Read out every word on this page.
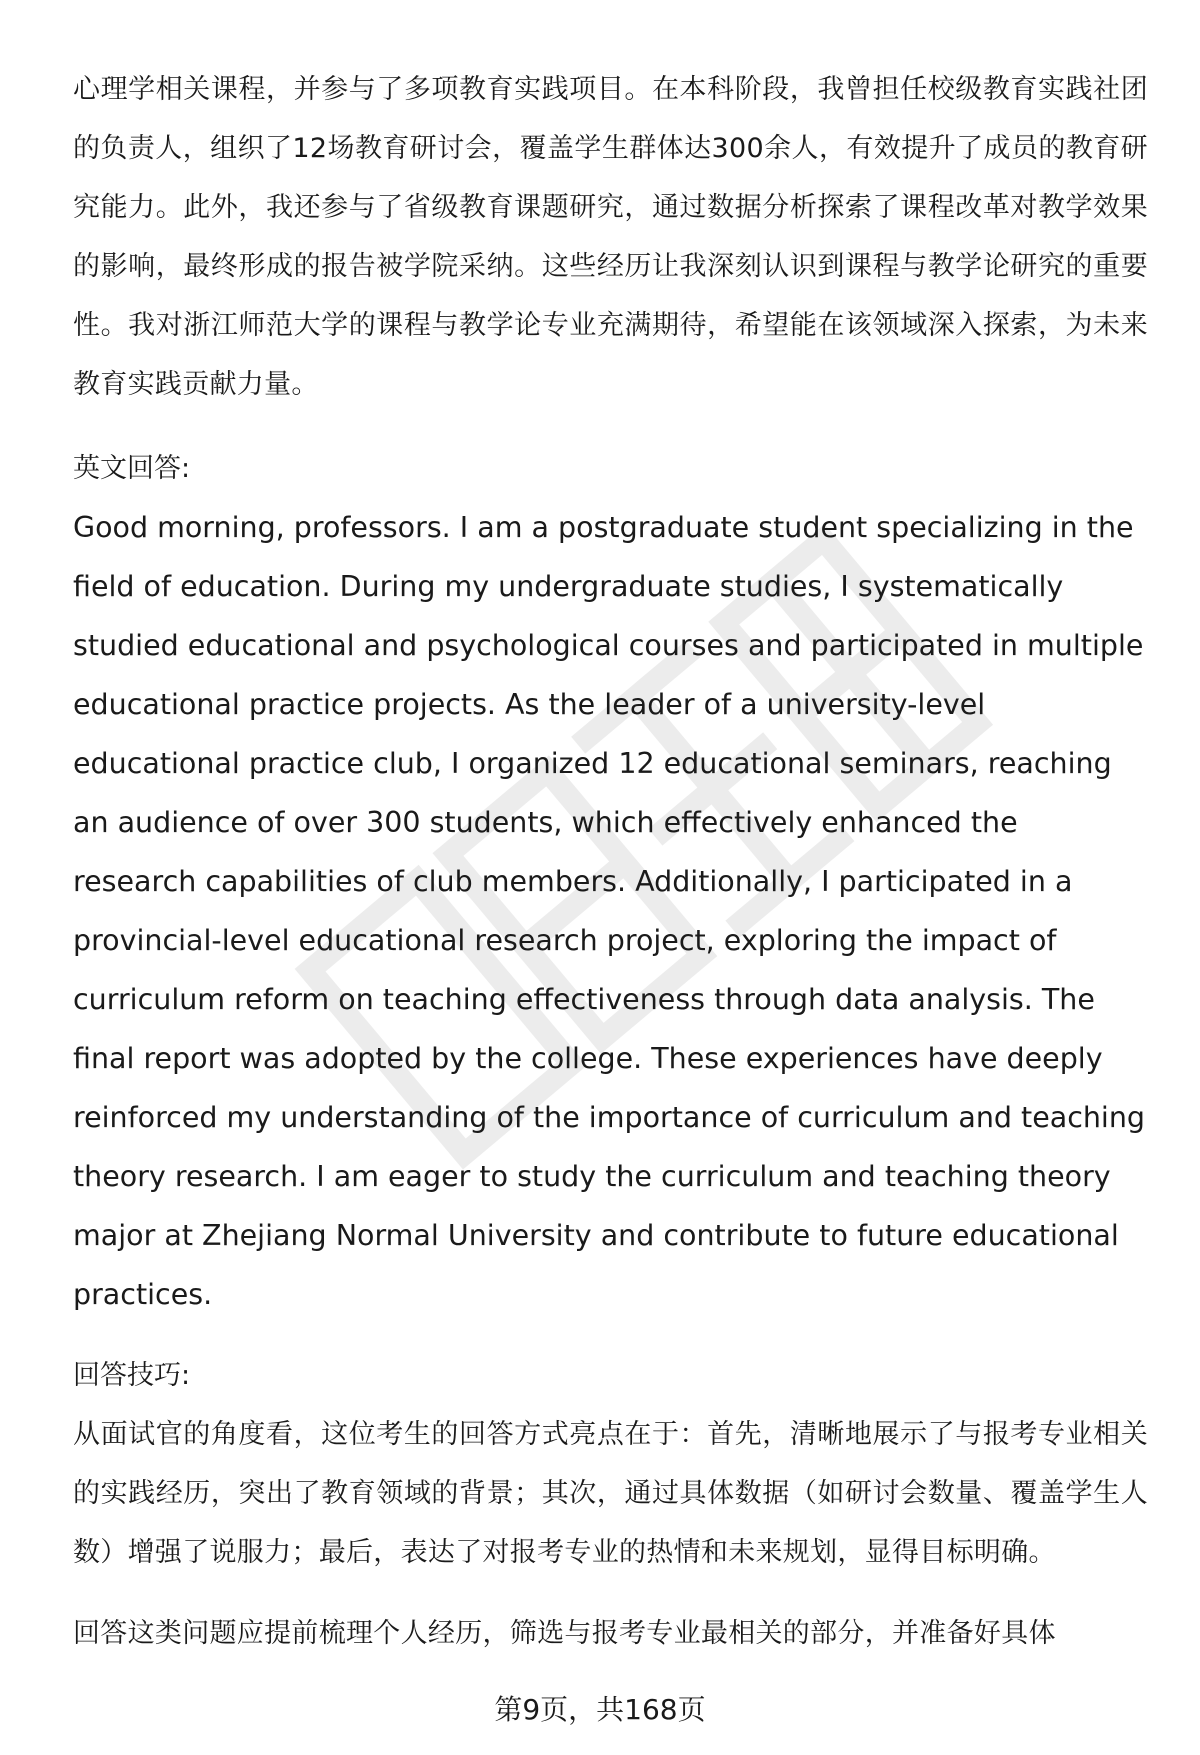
心理学相关课程，并参与了多项教育实践项目。在本科阶段，我曾担任校级教育实践社团的负责人，组织了12场教育研讨会，覆盖学生群体达300余人，有效提升了成员的教育研究能力。此外，我还参与了省级教育课题研究，通过数据分析探索了课程改革对教学效果的影响，最终形成的报告被学院采纳。这些经历让我深刻认识到课程与教学论研究的重要性。我对浙江师范大学的课程与教学论专业充满期待，希望能在该领域深入探索，为未来教育实践贡献力量。

英文回答:

Good morning, professors. I am a postgraduate student specializing in the field of education. During my undergraduate studies, I systematically studied educational and psychological courses and participated in multiple educational practice projects. As the leader of a university-level educational practice club, I organized 12 educational seminars, reaching an audience of over 300 students, which effectively enhanced the research capabilities of club members. Additionally, I participated in a provincial-level educational research project, exploring the impact of curriculum reform on teaching effectiveness through data analysis. The final report was adopted by the college. These experiences have deeply reinforced my understanding of the importance of curriculum and teaching theory research. I am eager to study the curriculum and teaching theory major at Zhejiang Normal University and contribute to future educational practices.

回答技巧:

从面试官的角度看，这位考生的回答方式亮点在于：首先，清晰地展示了与报考专业相关的实践经历，突出了教育领域的背景；其次，通过具体数据（如研讨会数量、覆盖学生人数）增强了说服力；最后，表达了对报考专业的热情和未来规划，显得目标明确。

回答这类问题应提前梳理个人经历，筛选与报考专业最相关的部分，并准备好具体

第9页，共168页
